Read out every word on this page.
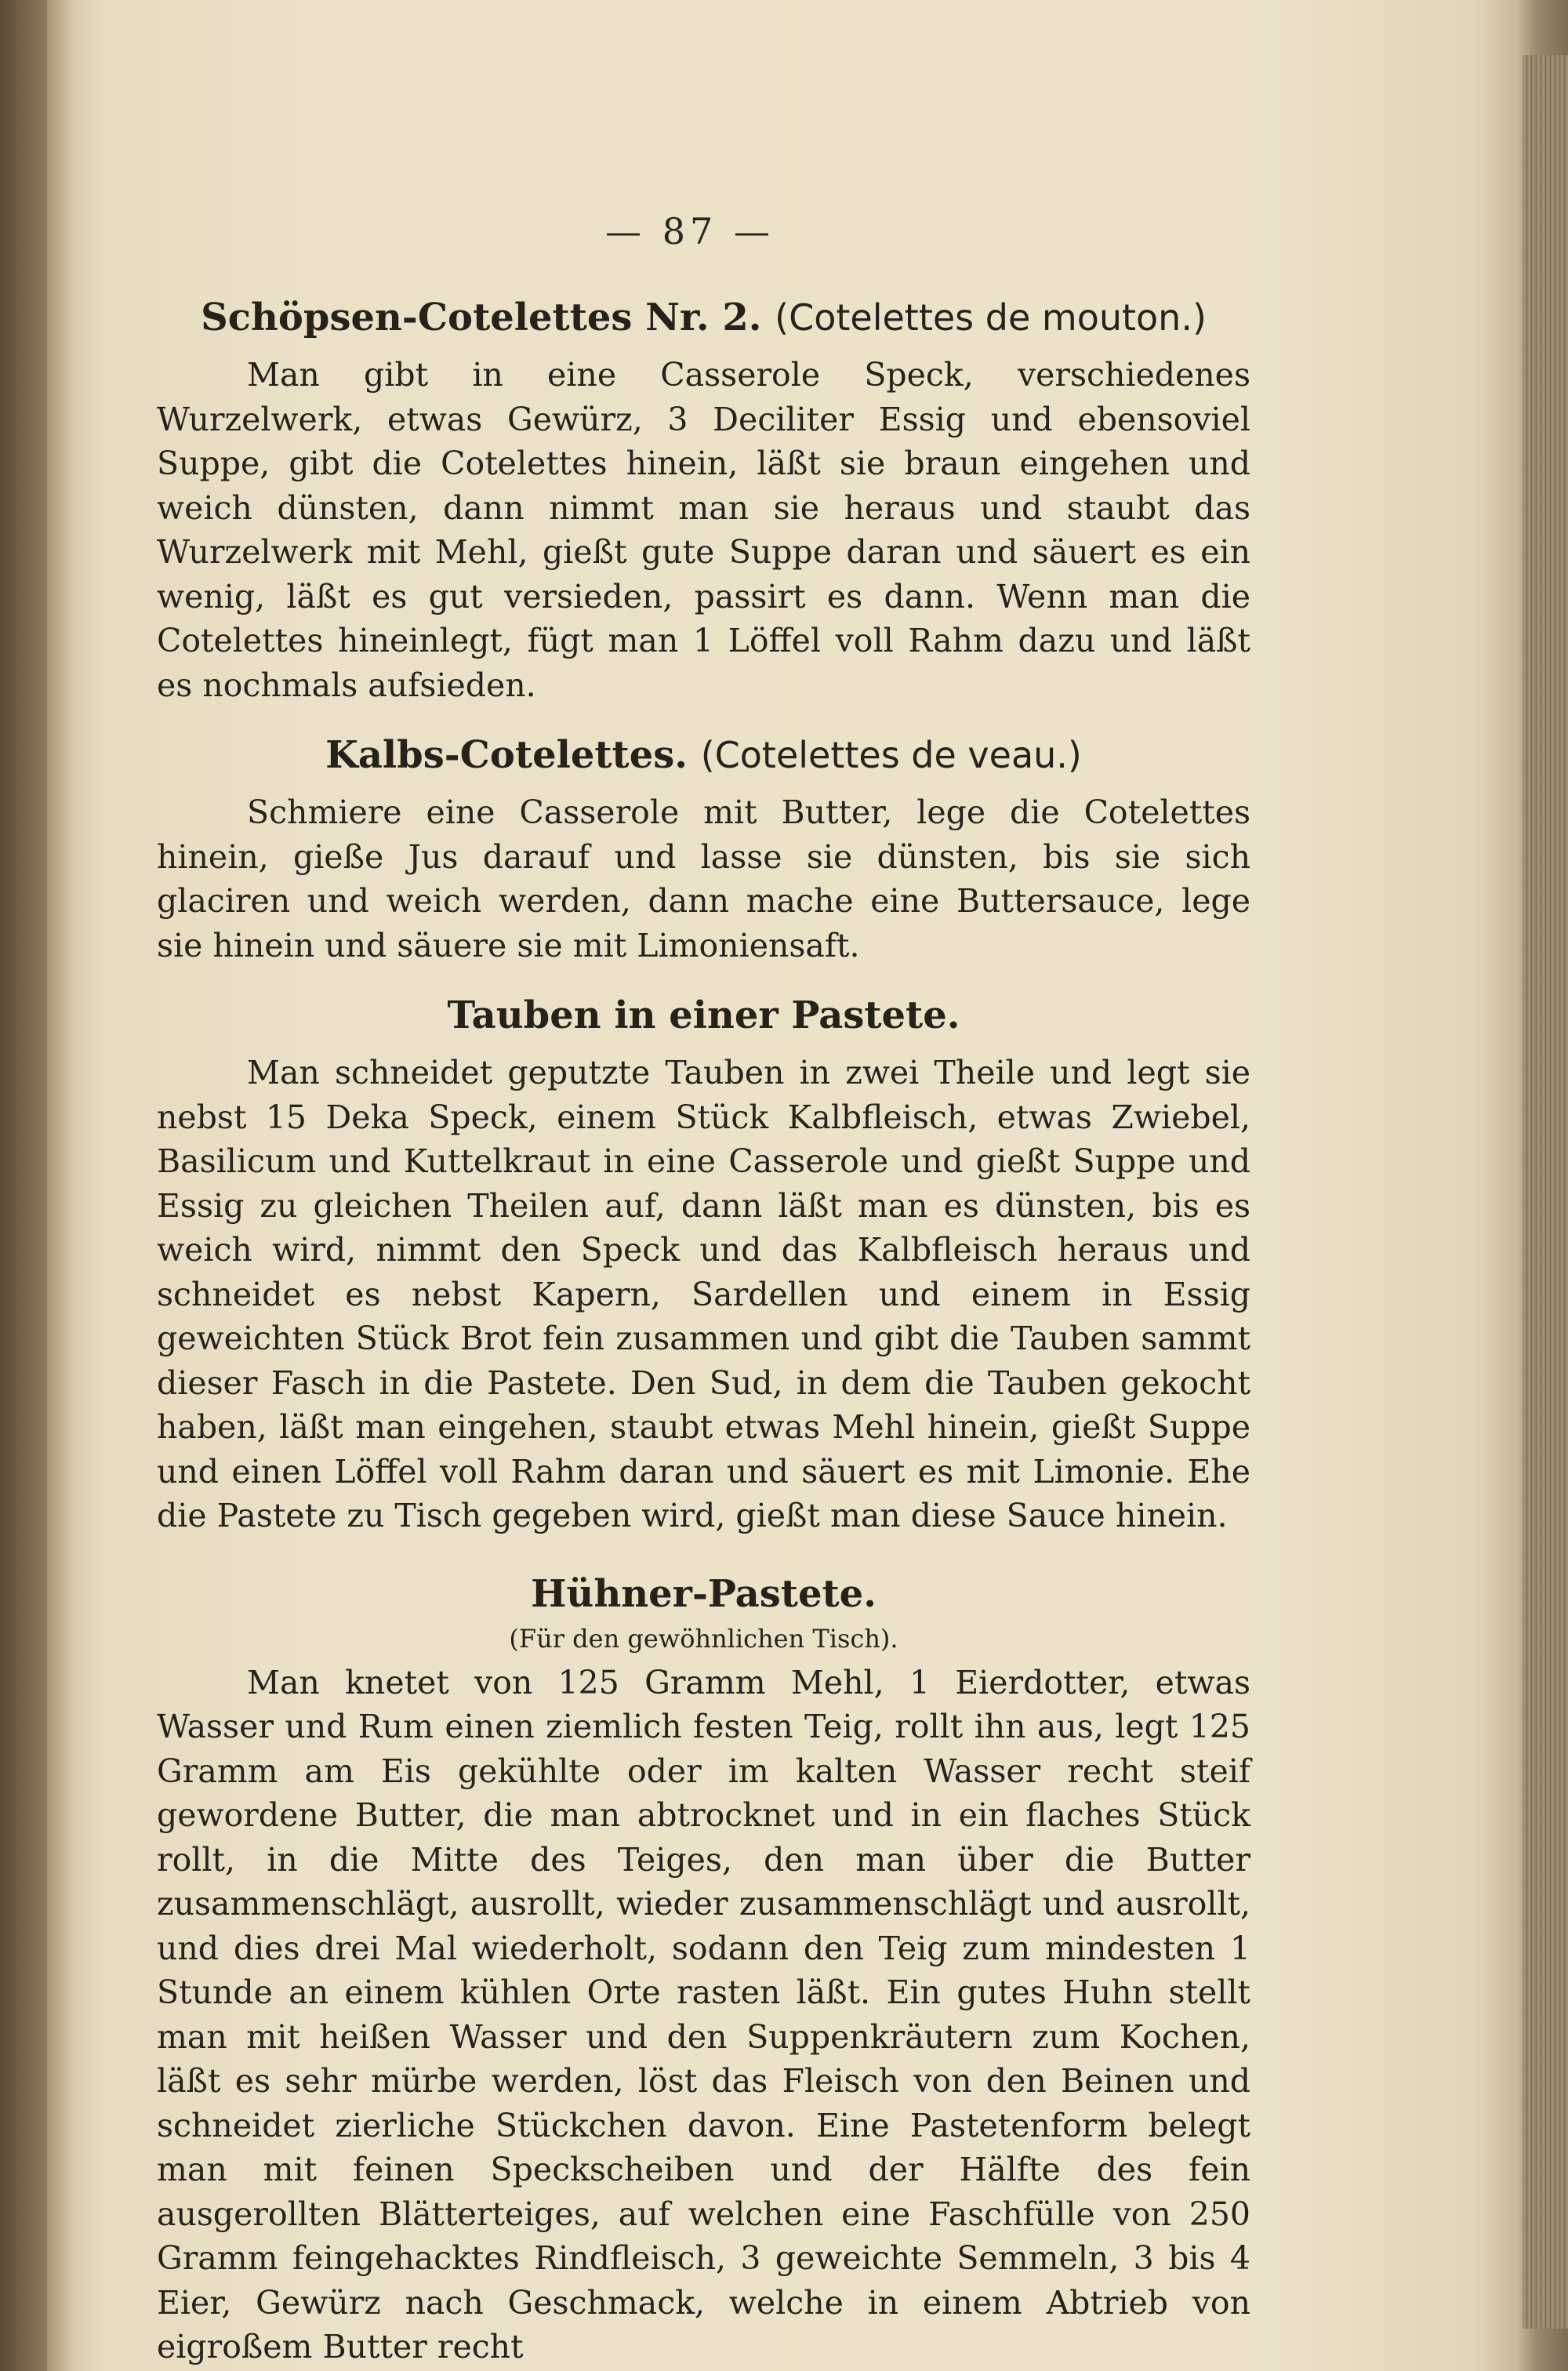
— 87 —
Schöpsen-Cotelettes Nr. 2. (Cotelettes de mouton.)

Man gibt in eine Casserole Speck, verschiedenes Wurzelwerk, etwas Gewürz, 3 Deciliter Essig und ebensoviel Suppe, gibt die Cotelettes hinein, läßt sie braun eingehen und weich dünsten, dann nimmt man sie heraus und staubt das Wurzelwerk mit Mehl, gießt gute Suppe daran und säuert es ein wenig, läßt es gut versieden, passirt es dann. Wenn man die Cotelettes hineinlegt, fügt man 1 Löffel voll Rahm dazu und läßt es nochmals aufsieden.

Kalbs-Cotelettes. (Cotelettes de veau.)

Schmiere eine Casserole mit Butter, lege die Cotelettes hinein, gieße Jus darauf und lasse sie dünsten, bis sie sich glaciren und weich werden, dann mache eine Buttersauce, lege sie hinein und säuere sie mit Limoniensaft.

Tauben in einer Pastete.

Man schneidet geputzte Tauben in zwei Theile und legt sie nebst 15 Deka Speck, einem Stück Kalbfleisch, etwas Zwiebel, Basilicum und Kuttelkraut in eine Casserole und gießt Suppe und Essig zu gleichen Theilen auf, dann läßt man es dünsten, bis es weich wird, nimmt den Speck und das Kalbfleisch heraus und schneidet es nebst Kapern, Sardellen und einem in Essig geweichten Stück Brot fein zusammen und gibt die Tauben sammt dieser Fasch in die Pastete. Den Sud, in dem die Tauben gekocht haben, läßt man eingehen, staubt etwas Mehl hinein, gießt Suppe und einen Löffel voll Rahm daran und säuert es mit Limonie. Ehe die Pastete zu Tisch gegeben wird, gießt man diese Sauce hinein.

Hühner-Pastete.
(Für den gewöhnlichen Tisch).

Man knetet von 125 Gramm Mehl, 1 Eierdotter, etwas Wasser und Rum einen ziemlich festen Teig, rollt ihn aus, legt 125 Gramm am Eis gekühlte oder im kalten Wasser recht steif gewordene Butter, die man abtrocknet und in ein flaches Stück rollt, in die Mitte des Teiges, den man über die Butter zusammenschlägt, ausrollt, wieder zusammenschlägt und ausrollt, und dies drei Mal wiederholt, sodann den Teig zum mindesten 1 Stunde an einem kühlen Orte rasten läßt. Ein gutes Huhn stellt man mit heißen Wasser und den Suppenkräutern zum Kochen, läßt es sehr mürbe werden, löst das Fleisch von den Beinen und schneidet zierliche Stückchen davon. Eine Pastetenform belegt man mit feinen Speckscheiben und der Hälfte des fein ausgerollten Blätterteiges, auf welchen eine Faschfülle von 250 Gramm feingehacktes Rindfleisch, 3 geweichte Semmeln, 3 bis 4 Eier, Gewürz nach Geschmack, welche in einem Abtrieb von eigroßem Butter recht
